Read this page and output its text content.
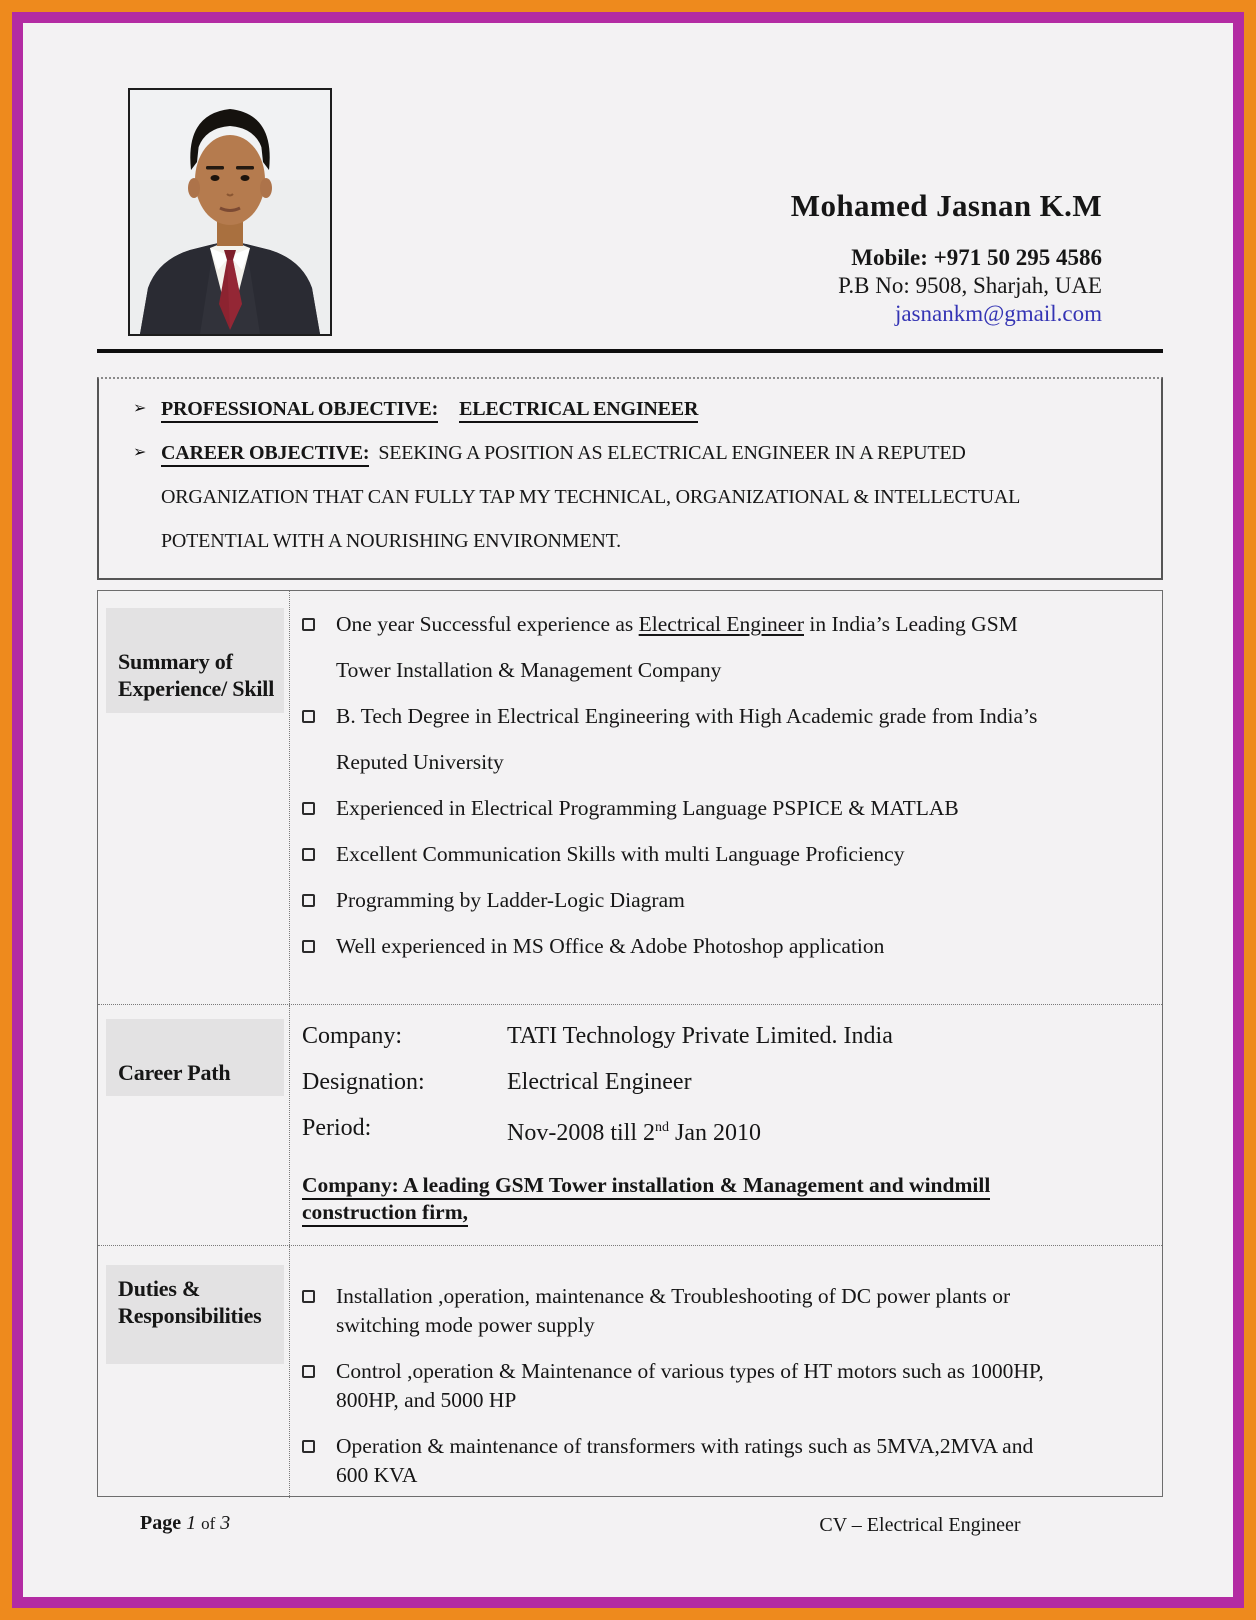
Mohamed Jasnan K.M
Mobile: +971 50 295 4586
P.B No: 9508, Sharjah, UAE
jasnankm@gmail.com
➢ PROFESSIONAL OBJECTIVE: ELECTRICAL ENGINEER
➢ CAREER OBJECTIVE: SEEKING A POSITION AS ELECTRICAL ENGINEER IN A REPUTED
ORGANIZATION THAT CAN FULLY TAP MY TECHNICAL, ORGANIZATIONAL & INTELLECTUAL
POTENTIAL WITH A NOURISHING ENVIRONMENT.
Summary of Experience/ Skill
One year Successful experience as Electrical Engineer in India’s Leading GSM
Tower Installation & Management Company
B. Tech Degree in Electrical Engineering with High Academic grade from India’s
Reputed University
Experienced in Electrical Programming Language PSPICE & MATLAB
Excellent Communication Skills with multi Language Proficiency
Programming by Ladder-Logic Diagram
Well experienced in MS Office & Adobe Photoshop application
Career Path
Company:	TATI Technology Private Limited. India
Designation:	Electrical Engineer
Period:	Nov-2008 till 2nd Jan 2010
Company: A leading GSM Tower installation & Management and windmill
construction firm,
Duties & Responsibilities
Installation ,operation, maintenance & Troubleshooting of DC power plants or
switching mode power supply
Control ,operation & Maintenance of various types of HT motors such as 1000HP,
800HP, and 5000 HP
Operation & maintenance of transformers with ratings such as 5MVA,2MVA and
600 KVA
Page 1 of 3	CV – Electrical Engineer
